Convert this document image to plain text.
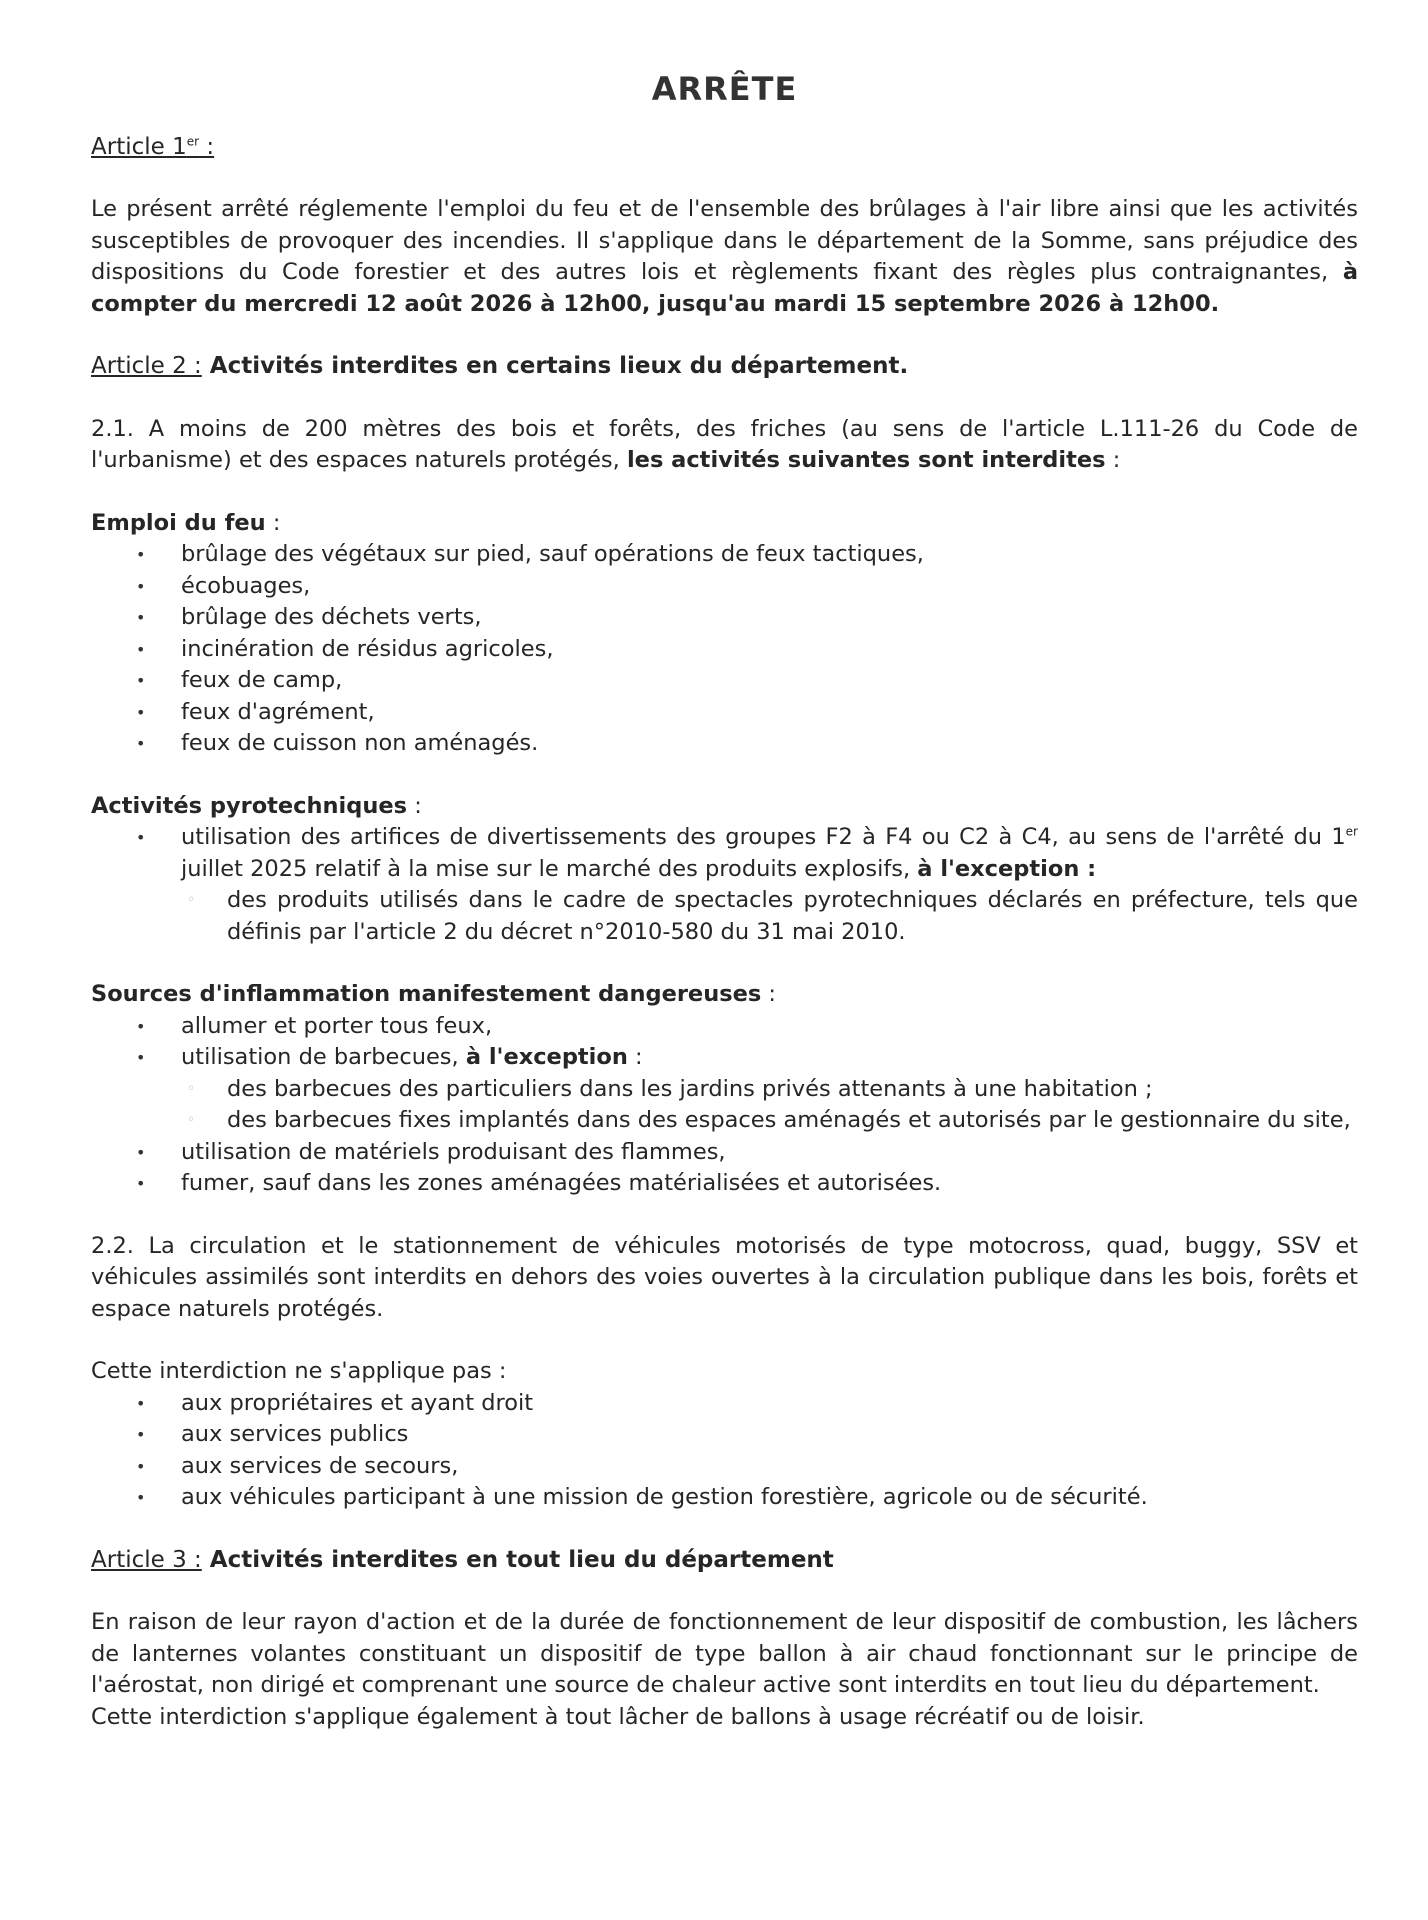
ARRÊTE

Article 1er :

Le présent arrêté réglemente l'emploi du feu et de l'ensemble des brûlages à l'air libre ainsi que les activités susceptibles de provoquer des incendies. Il s'applique dans le département de la Somme, sans préjudice des dispositions du Code forestier et des autres lois et règlements fixant des règles plus contraignantes, à compter du mercredi 12 août 2026 à 12h00, jusqu'au mardi 15 septembre 2026 à 12h00.

Article 2 : Activités interdites en certains lieux du département.

2.1. A moins de 200 mètres des bois et forêts, des friches (au sens de l'article L.111-26 du Code de l'urbanisme) et des espaces naturels protégés, les activités suivantes sont interdites :

Emploi du feu :

• brûlage des végétaux sur pied, sauf opérations de feux tactiques,
• écobuages,
• brûlage des déchets verts,
• incinération de résidus agricoles,
• feux de camp,
• feux d'agrément,
• feux de cuisson non aménagés.

Activités pyrotechniques :

• utilisation des artifices de divertissements des groupes F2 à F4 ou C2 à C4, au sens de l'arrêté du 1er juillet 2025 relatif à la mise sur le marché des produits explosifs, à l'exception :
◦ des produits utilisés dans le cadre de spectacles pyrotechniques déclarés en préfecture, tels que définis par l'article 2 du décret n°2010-580 du 31 mai 2010.

Sources d'inflammation manifestement dangereuses :

• allumer et porter tous feux,
• utilisation de barbecues, à l'exception :
◦ des barbecues des particuliers dans les jardins privés attenants à une habitation ;
◦ des barbecues fixes implantés dans des espaces aménagés et autorisés par le gestionnaire du site,
• utilisation de matériels produisant des flammes,
• fumer, sauf dans les zones aménagées matérialisées et autorisées.

2.2. La circulation et le stationnement de véhicules motorisés de type motocross, quad, buggy, SSV et véhicules assimilés sont interdits en dehors des voies ouvertes à la circulation publique dans les bois, forêts et espace naturels protégés.

Cette interdiction ne s'applique pas :

• aux propriétaires et ayant droit
• aux services publics
• aux services de secours,
• aux véhicules participant à une mission de gestion forestière, agricole ou de sécurité.

Article 3 : Activités interdites en tout lieu du département

En raison de leur rayon d'action et de la durée de fonctionnement de leur dispositif de combustion, les lâchers de lanternes volantes constituant un dispositif de type ballon à air chaud fonctionnant sur le principe de l'aérostat, non dirigé et comprenant une source de chaleur active sont interdits en tout lieu du département.

Cette interdiction s'applique également à tout lâcher de ballons à usage récréatif ou de loisir.
